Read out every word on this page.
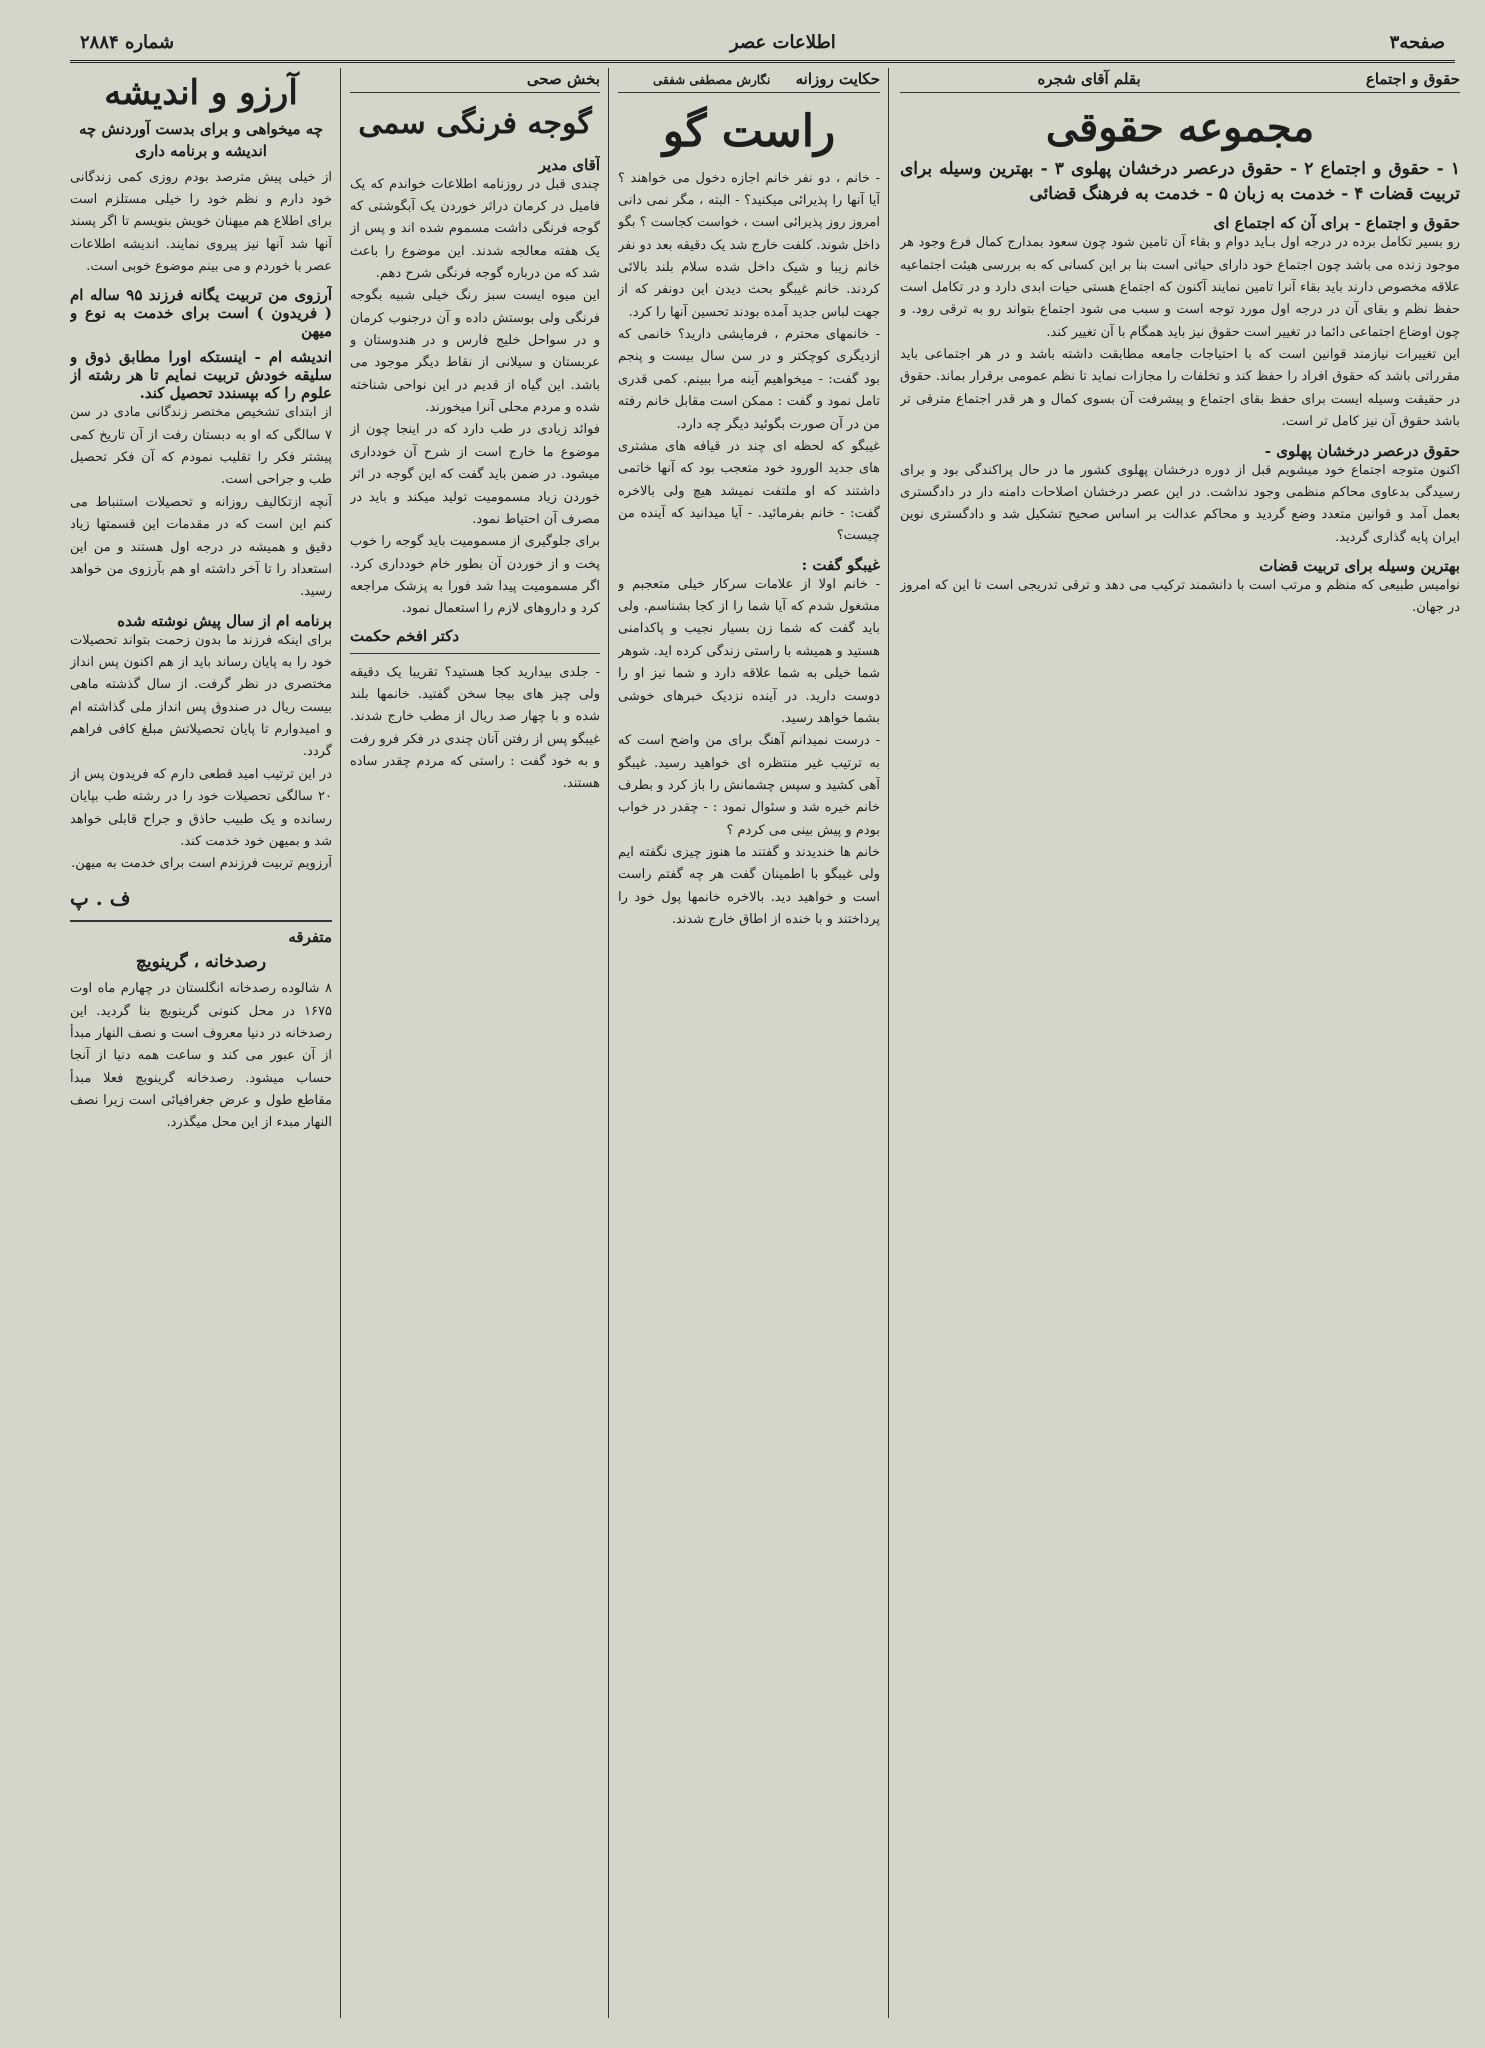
صفحه۳
اطلاعات عصر
شماره ۲۸۸۴
حقوق و اجتماع بقلم آقای شجره
مجموعه حقوقی
۱ - حقوق و اجتماع ۲ - حقوق درعصر درخشان پهلوی ۳ - بهترین وسیله برای تربیت قضات ۴ - خدمت به زبان ۵ - خدمت به فرهنگ قضائی
حقوق و اجتماع - برای آن که اجتماع ای
رو بسیر تکامل برده در درجه اول بـاید دوام و بقاء آن تامین شود چون سعود بمدارج کمال فرع وجود هر موجود زنده می باشد چون اجتماع خود دارای حیاتی است بنا بر این کسانی که به بررسی هیئت اجتماعیه علاقه مخصوص دارند باید بقاء آنرا تامین نمایند آکنون که اجتماع هستی حیات ابدی دارد و در تکامل است حفظ نظم و بقای آن در درجه اول مورد توجه است و سبب می شود اجتماع بتواند رو به ترقی رود. و چون اوضاع اجتماعی دائما در تغییر است حقوق نیز باید همگام با آن تغییر کند.
این تغییرات نیازمند قوانین است که با احتیاجات جامعه مطابقت داشته باشد و در هر اجتماعی باید مقرراتی باشد که حقوق افراد را حفظ کند و تخلفات را مجازات نماید تا نظم عمومی برقرار بماند. حقوق در حقیقت وسیله ایست برای حفظ بقای اجتماع و پیشرفت آن بسوی کمال و هر قدر اجتماع مترقی تر باشد حقوق آن نیز کامل تر است.
حقوق درعصر درخشان پهلوی -
اکنون متوجه اجتماع خود میشویم قبل از دوره درخشان پهلوی کشور ما در حال پراکندگی بود و برای رسیدگی بدعاوی محاکم منظمی وجود نداشت. در این عصر درخشان اصلاحات دامنه دار در دادگستری بعمل آمد و قوانین متعدد وضع گردید و محاکم عدالت بر اساس صحیح تشکیل شد و دادگستری نوین ایران پایه گذاری گردید.
بهترین وسیله برای تربیت قضات
نوامیس طبیعی که منظم و مرتب است با دانشمند ترکیب می دهد و ترقی تدریجی است تا این که امروز در جهان.
حکایت روزانه نگارش مصطفی شفقی
راست گو
- خانم ، دو نفر خانم اجازه دخول می خواهند ؟ آیا آنها را پذیرائی میکنید؟ - البته ، مگر نمی دانی امروز روز پذیرائی است ، خواست کجاست ؟ بگو داخل شوند. کلفت خارج شد یک دقیقه بعد دو نفر خانم زیبا و شیک داخل شده سلام بلند بالائی کردند. خانم غیبگو بحث دیدن این دونفر که از جهت لباس جدید آمده بودند تحسین آنها را کرد.
- خانمهای محترم ، فرمایشی دارید؟ خانمی که ازدیگری کوچکتر و در سن سال بیست و پنجم بود گفت: - میخواهیم آینه مرا ببینم. کمی قدری تامل نمود و گفت : ممکن است مقابل خانم رفته من در آن صورت بگوئید دیگر چه دارد.
غیبگو که لحظه ای چند در قیافه های مشتری های جدید الورود خود متعجب بود که آنها خاتمی داشتند که او ملتفت نمیشد هیچ ولی بالاخره گفت: - خانم بفرمائید. - آیا میدانید که آینده من چیست؟
غیبگو گفت :
- خانم اولا از علامات سرکار خیلی متعجبم و مشغول شدم که آیا شما را از کجا بشناسم. ولی باید گفت که شما زن بسیار نجیب و پاکدامنی هستید و همیشه با راستی زندگی کرده اید. شوهر شما خیلی به شما علاقه دارد و شما نیز او را دوست دارید. در آینده نزدیک خبرهای خوشی بشما خواهد رسید.
- درست نمیدانم آهنگ برای من واضح است که به ترتیب غیر منتظره ای خواهید رسید. غیبگو آهی کشید و سپس چشمانش را باز کرد و بطرف خانم خیره شد و سئوال نمود : - چقدر در خواب بودم و پیش بینی می کردم ؟
خانم ها خندیدند و گفتند ما هنوز چیزی نگفته ایم ولی غیبگو با اطمینان گفت هر چه گفتم راست است و خواهید دید. بالاخره خانمها پول خود را پرداختند و با خنده از اطاق خارج شدند.
بخش صحی
گوجه فرنگی سمی
آقای مدیر
چندی قبل در روزنامه اطلاعات خواندم که یک فامیل در کرمان دراثر خوردن یک آبگوشتی که گوجه فرنگی داشت مسموم شده اند و پس از یک هفته معالجه شدند. این موضوع را باعث شد که من درباره گوجه فرنگی شرح دهم.
این میوه ایست سبز رنگ خیلی شبیه بگوجه فرنگی ولی بوستش داده و آن درجنوب کرمان و در سواحل خلیج فارس و در هندوستان و عربستان و سیلانی از نقاط دیگر موجود می باشد. این گیاه از قدیم در این نواحی شناخته شده و مردم محلی آنرا میخورند.
فوائد زیادی در طب دارد که در اینجا چون از موضوع ما خارج است از شرح آن خودداری میشود. در ضمن باید گفت که این گوجه در اثر خوردن زیاد مسمومیت تولید میکند و باید در مصرف آن احتیاط نمود.
برای جلوگیری از مسمومیت باید گوجه را خوب پخت و از خوردن آن بطور خام خودداری کرد. اگر مسمومیت پیدا شد فورا به پزشک مراجعه کرد و داروهای لازم را استعمال نمود.
دکتر افخم حکمت
- جلدی بیدارید کجا هستید؟ تقریبا یک دقیقه ولی چیز های بیجا سخن گفتید. خانمها بلند شده و با چهار صد ریال از مطب خارج شدند. غیبگو پس از رفتن آنان چندی در فکر فرو رفت و به خود گفت : راستی که مردم چقدر ساده هستند.
آرزو و اندیشه
چه میخواهی و برای بدست آوردنش چه اندیشه و برنامه داری
از خیلی پیش مترصد بودم روزی کمی زندگانی خود دارم و نظم خود را خیلی مستلزم است برای اطلاع هم میهنان خویش بنویسم تا اگر پسند آنها شد آنها نیز پیروی نمایند. اندیشه اطلاعات عصر با خوردم و می بینم موضوع خوبی است.
آرزوی من تربیت یگانه فرزند ۹۵ ساله ام ( فریدون ) است برای خدمت به نوع و میهن
اندیشه ام - اینستکه اورا مطابق ذوق و سلیقه خودش تربیت نمایم تا هر رشته از علوم را که بپسندد تحصیل کند.
از ابتدای تشخیص مختصر زندگانی مادی در سن ۷ سالگی که او به دبستان رفت از آن تاریخ کمی پیشتر فکر را تقلیب نمودم که آن فکر تحصیل طب و جراحی است.
آنچه ازتکالیف روزانه و تحصیلات استنباط می کنم این است که در مقدمات این قسمتها زیاد دقیق و همیشه در درجه اول هستند و من این استعداد را تا آخر داشته او هم بآرزوی من خواهد رسید.
برنامه ام از سال پیش نوشته شده
برای اینکه فرزند ما بدون زحمت بتواند تحصیلات خود را به پایان رساند باید از هم اکنون پس انداز مختصری در نظر گرفت. از سال گذشته ماهی بیست ریال در صندوق پس انداز ملی گذاشته ام و امیدوارم تا پایان تحصیلاتش مبلغ کافی فراهم گردد.
در این ترتیب امید قطعی دارم که فریدون پس از ۲۰ سالگی تحصیلات خود را در رشته طب بپایان رسانده و یک طبیب حاذق و جراح قابلی خواهد شد و بمیهن خود خدمت کند.
آرزویم تربیت فرزندم است برای خدمت به میهن.
ف . پ
متفرقه
رصدخانه ، گرینویچ
۸ شالوده رصدخانه انگلستان در چهارم ماه اوت ۱۶۷۵ در محل کنونی گرینویچ بنا گردید. این رصدخانه در دنیا معروف است و نصف النهار مبدأ از آن عبور می کند و ساعت همه دنیا از آنجا حساب میشود. رصدخانه گرینویچ فعلا مبدأ مقاطع طول و عرض جغرافیائی است زیرا نصف النهار مبدء از این محل میگذرد.
